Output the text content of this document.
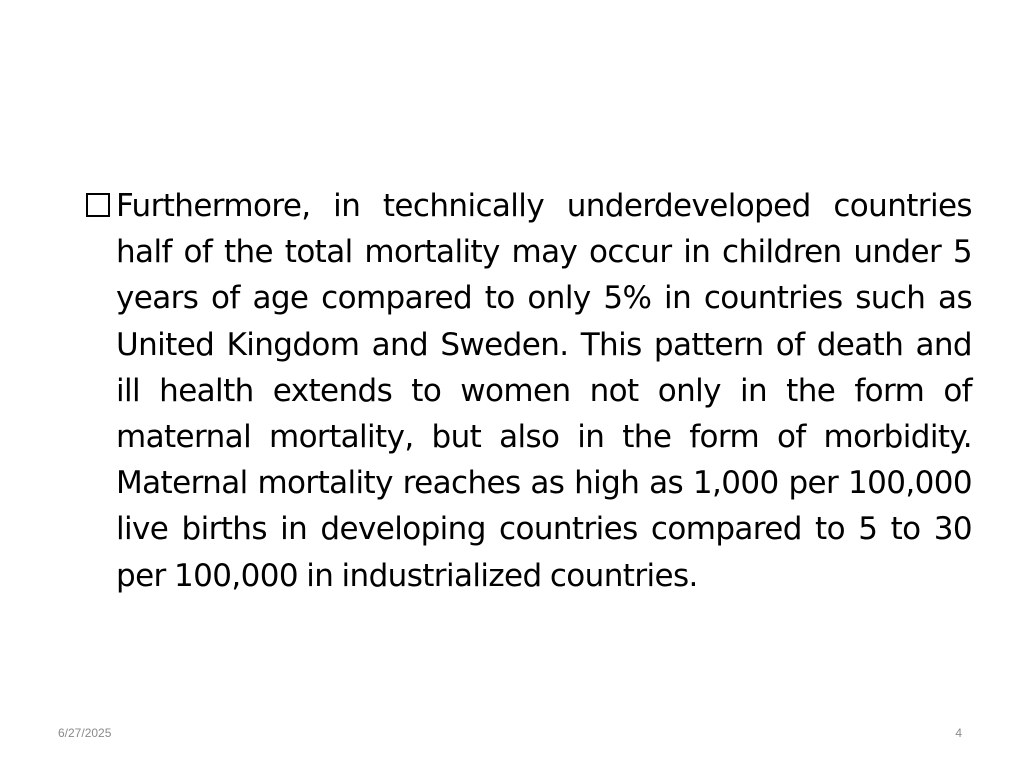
Furthermore, in technically underdeveloped countries half of the total mortality may occur in children under 5 years of age compared to only 5% in countries such as United Kingdom and Sweden. This pattern of death and ill health extends to women not only in the form of maternal mortality, but also in the form of morbidity. Maternal mortality reaches as high as 1,000 per 100,000 live births in developing countries compared to 5 to 30 per 100,000 in industrialized countries.

6/27/2025	4
